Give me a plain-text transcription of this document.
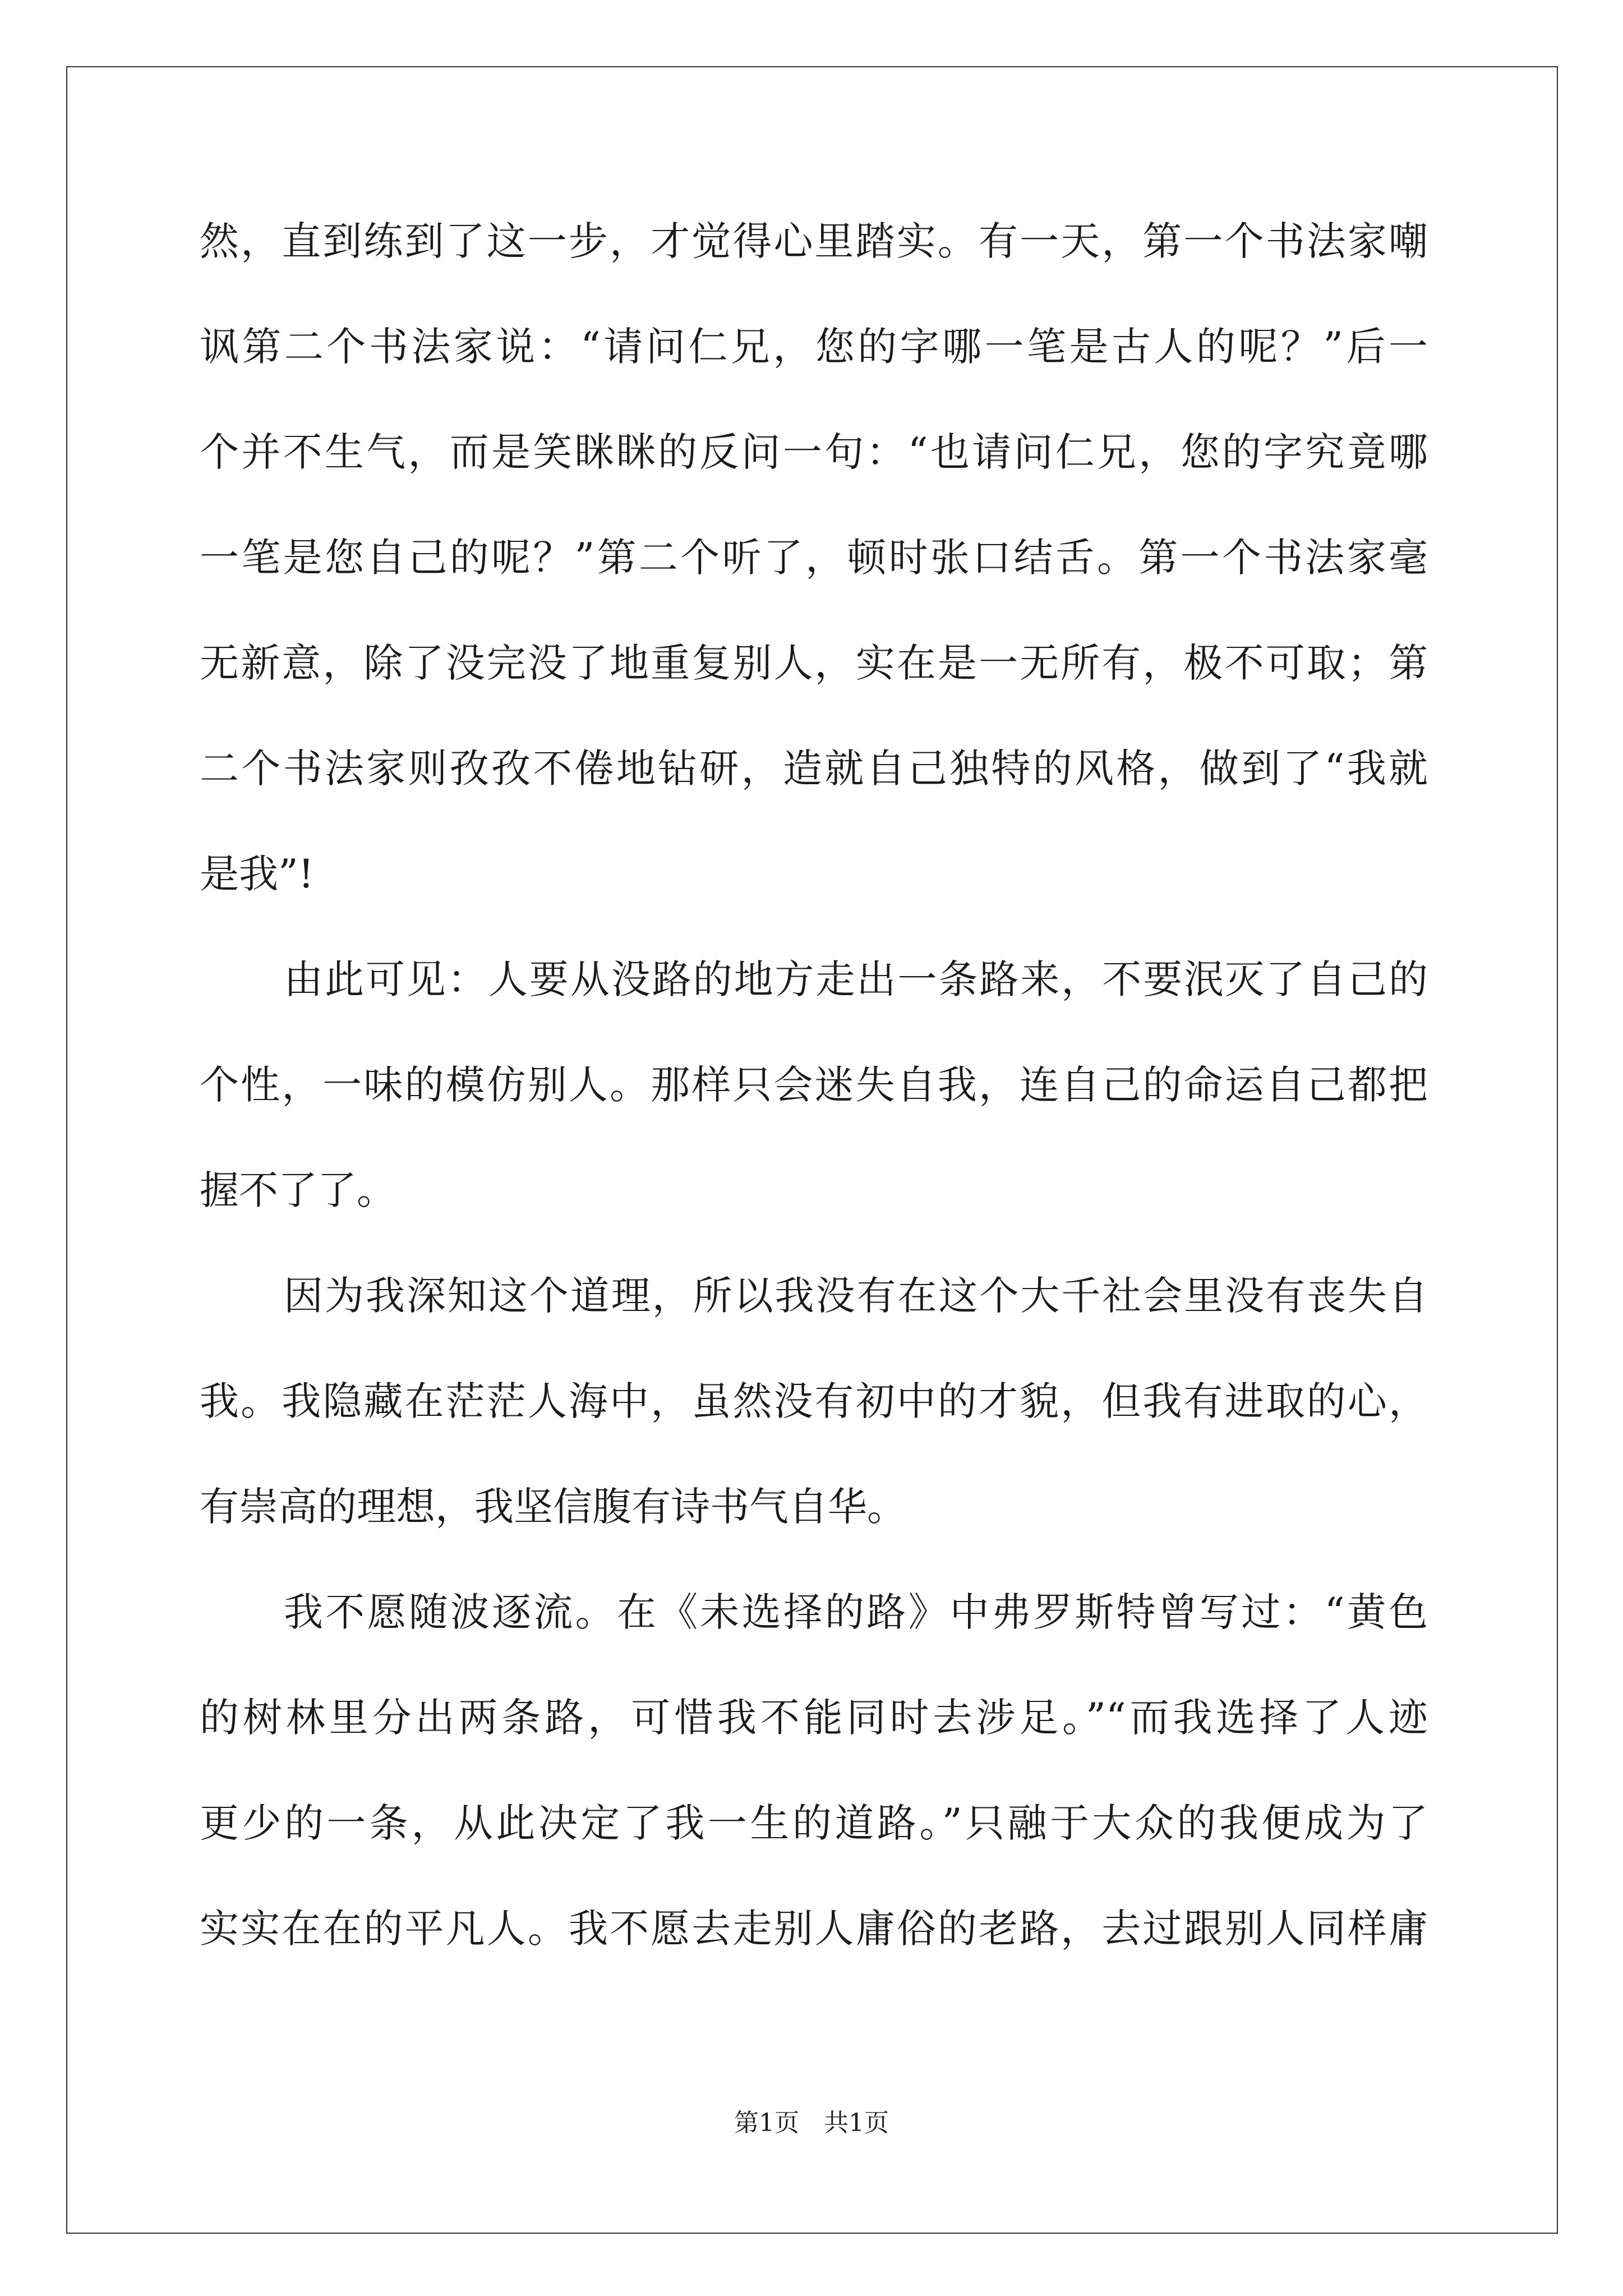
然，直到练到了这一步，才觉得心里踏实。有一天，第一个书法家嘲
讽第二个书法家说：“请问仁兄，您的字哪一笔是古人的呢？”后一
个并不生气，而是笑眯眯的反问一句：“也请问仁兄，您的字究竟哪
一笔是您自己的呢？”第二个听了，顿时张口结舌。第一个书法家毫
无新意，除了没完没了地重复别人，实在是一无所有，极不可取；第
二个书法家则孜孜不倦地钻研，造就自己独特的风格，做到了“我就
是我”!
由此可见：人要从没路的地方走出一条路来，不要泯灭了自己的
个性，一味的模仿别人。那样只会迷失自我，连自己的命运自己都把
握不了了。
因为我深知这个道理，所以我没有在这个大千社会里没有丧失自
我。我隐藏在茫茫人海中，虽然没有初中的才貌，但我有进取的心，
有崇高的理想，我坚信腹有诗书气自华。
我不愿随波逐流。在《未选择的路》中弗罗斯特曾写过：“黄色
的树林里分出两条路，可惜我不能同时去涉足。”“而我选择了人迹
更少的一条，从此决定了我一生的道路。”只融于大众的我便成为了
实实在在的平凡人。我不愿去走别人庸俗的老路，去过跟别人同样庸
第1页 共1页
